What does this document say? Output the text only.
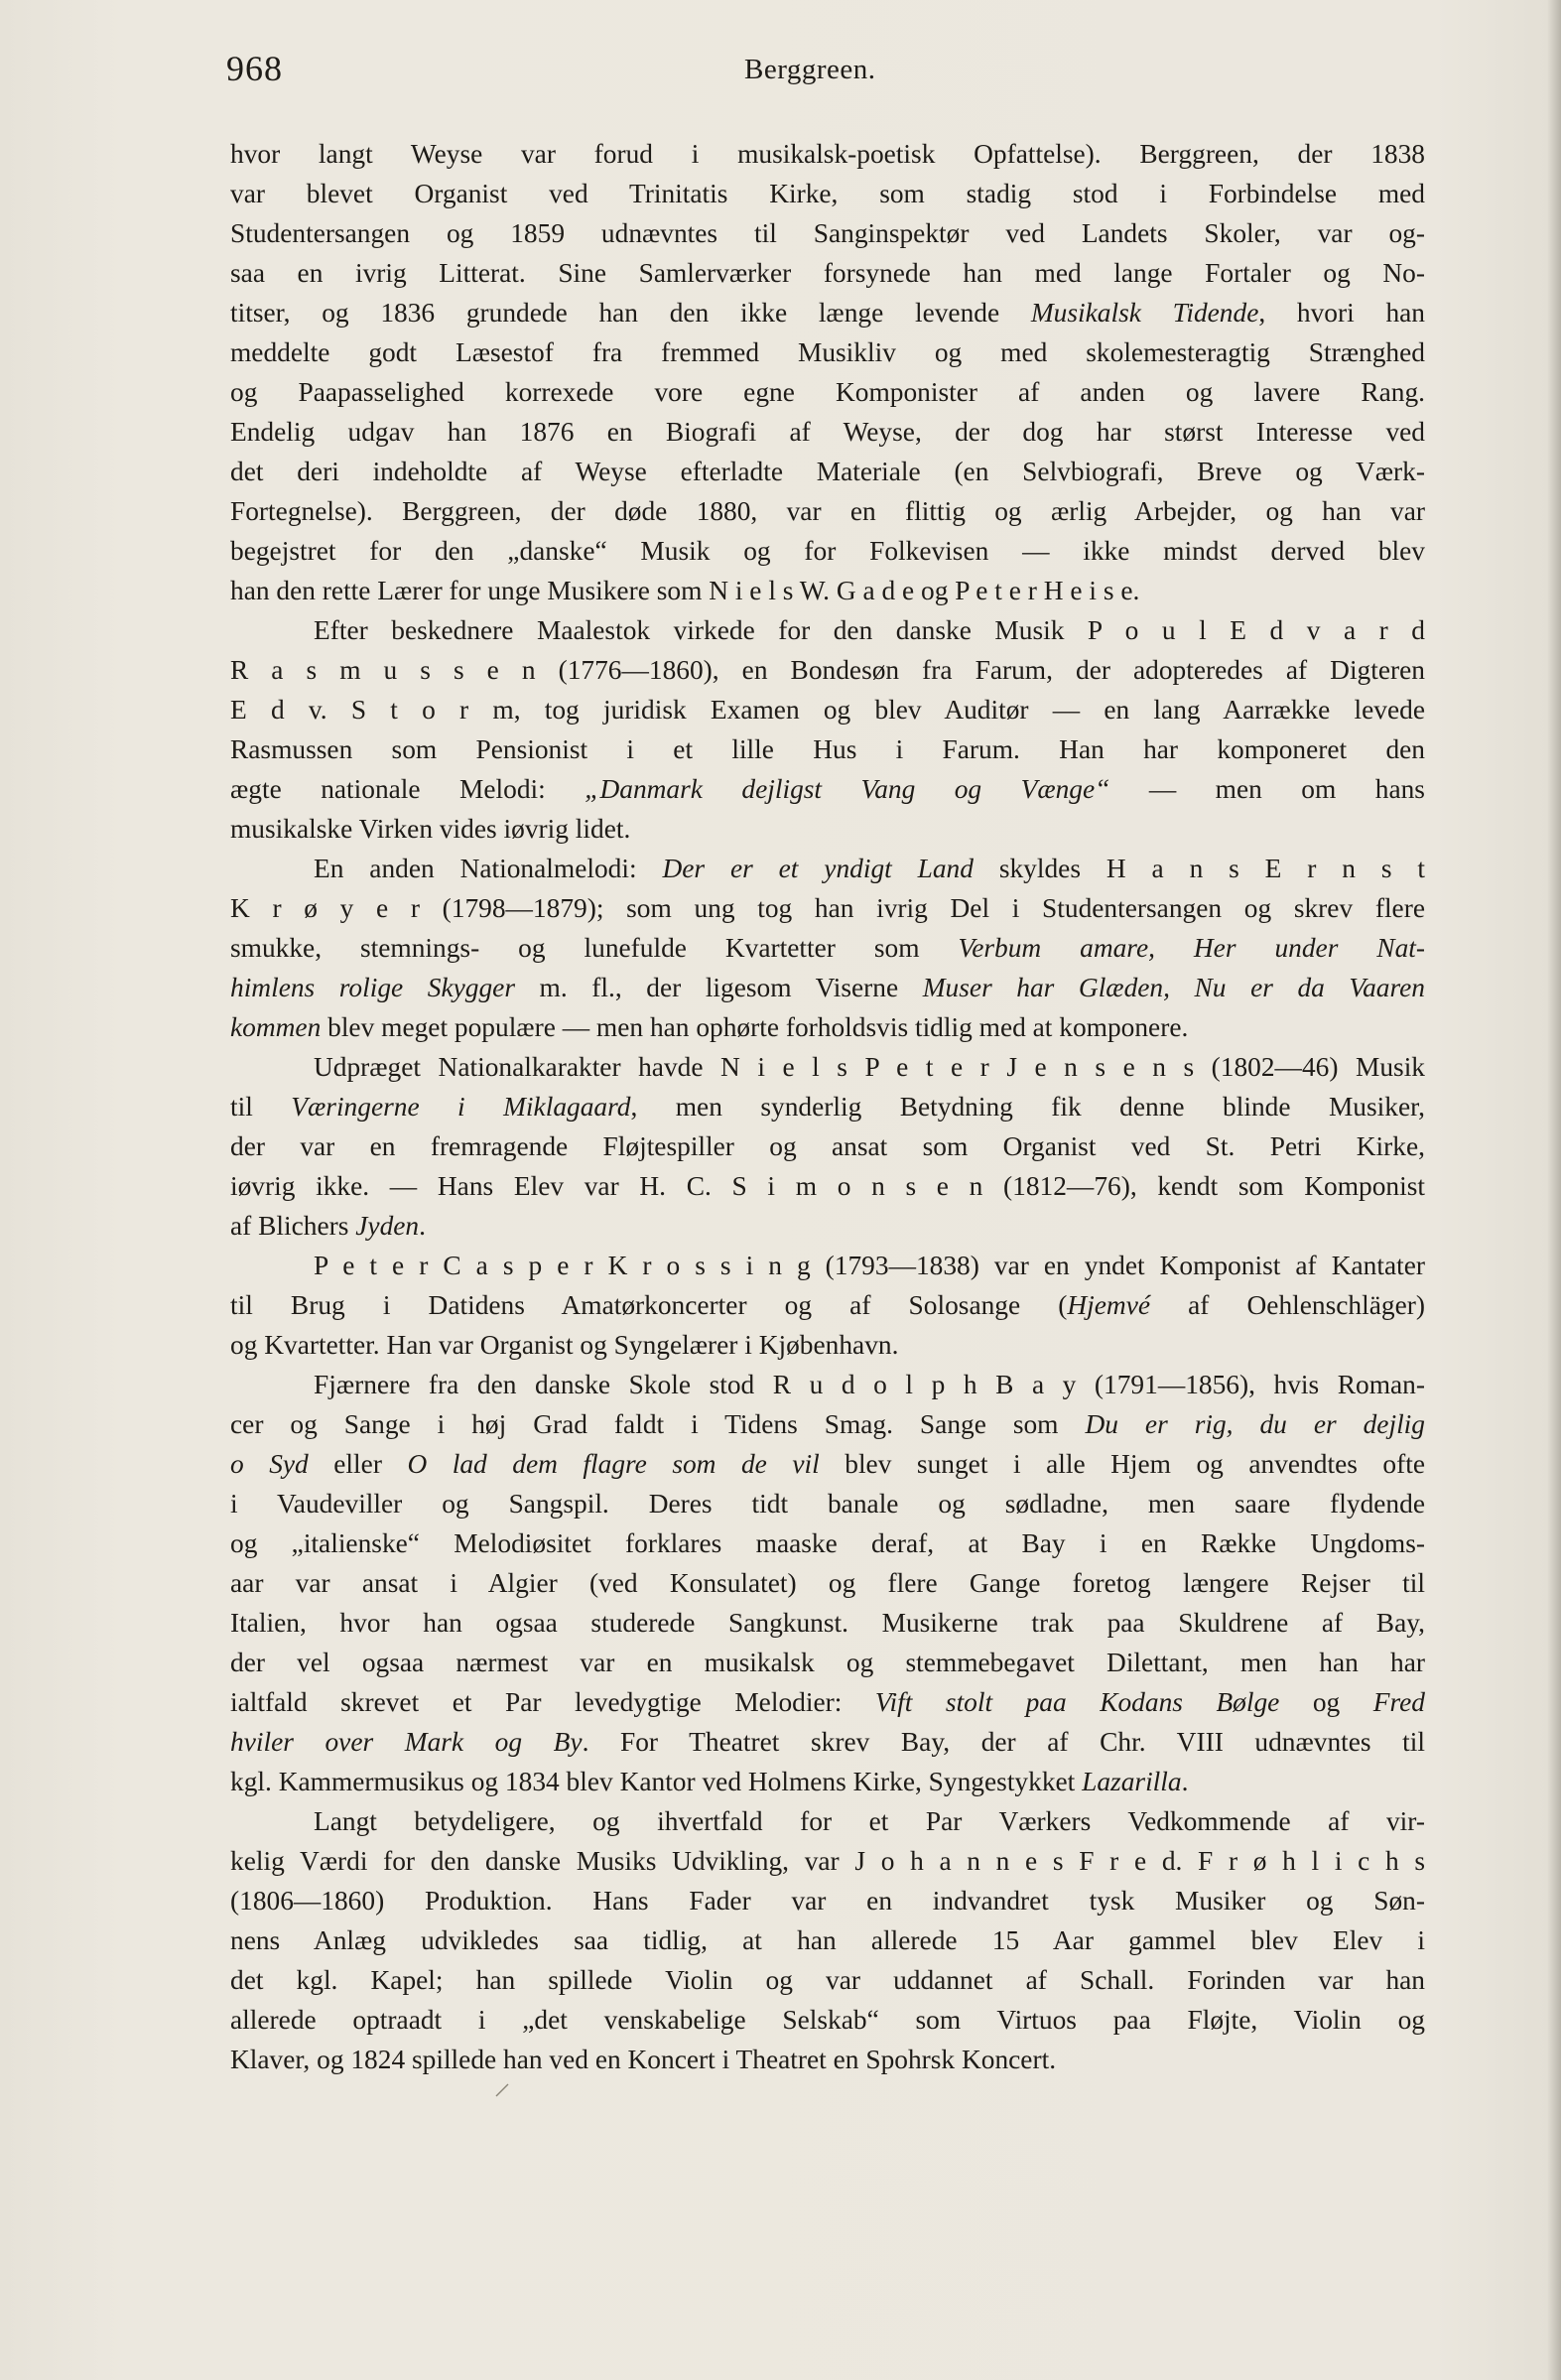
968	Berggreen.
hvor langt Weyse var forud i musikalsk-poetisk Opfattelse). Berggreen, der 1838
var blevet Organist ved Trinitatis Kirke, som stadig stod i Forbindelse med
Studentersangen og 1859 udnævntes til Sanginspektør ved Landets Skoler, var og-
saa en ivrig Litterat. Sine Samlerværker forsynede han med lange Fortaler og No-
titser, og 1836 grundede han den ikke længe levende Musikalsk Tidende, hvori han
meddelte godt Læsestof fra fremmed Musikliv og med skolemesteragtig Strænghed
og Paapasselighed korrexede vore egne Komponister af anden og lavere Rang.
Endelig udgav han 1876 en Biografi af Weyse, der dog har størst Interesse ved
det deri indeholdte af Weyse efterladte Materiale (en Selvbiografi, Breve og Værk-
Fortegnelse). Berggreen, der døde 1880, var en flittig og ærlig Arbejder, og han var
begejstret for den „danske“ Musik og for Folkevisen — ikke mindst derved blev
han den rette Lærer for unge Musikere som N i e l s W. G a d e og P e t e r H e i s e.
Efter beskednere Maalestok virkede for den danske Musik P o u l E d v a r d
R a s m u s s e n (1776—1860), en Bondesøn fra Farum, der adopteredes af Digteren
E d v. S t o r m, tog juridisk Examen og blev Auditør — en lang Aarrække levede
Rasmussen som Pensionist i et lille Hus i Farum. Han har komponeret den
ægte nationale Melodi: „Danmark dejligst Vang og Vænge“ — men om hans
musikalske Virken vides iøvrig lidet.
En anden Nationalmelodi: Der er et yndigt Land skyldes H a n s E r n s t
K r ø y e r (1798—1879); som ung tog han ivrig Del i Studentersangen og skrev flere
smukke, stemnings- og lunefulde Kvartetter som Verbum amare, Her under Nat-
himlens rolige Skygger m. fl., der ligesom Viserne Muser har Glæden, Nu er da Vaaren
kommen blev meget populære — men han ophørte forholdsvis tidlig med at komponere.
Udpræget Nationalkarakter havde N i e l s P e t e r J e n s e n s (1802—46) Musik
til Væringerne i Miklagaard, men synderlig Betydning fik denne blinde Musiker,
der var en fremragende Fløjtespiller og ansat som Organist ved St. Petri Kirke,
iøvrig ikke. — Hans Elev var H. C. S i m o n s e n (1812—76), kendt som Komponist
af Blichers Jyden.
P e t e r C a s p e r K r o s s i n g (1793—1838) var en yndet Komponist af Kantater
til Brug i Datidens Amatørkoncerter og af Solosange (Hjemvé af Oehlenschläger)
og Kvartetter. Han var Organist og Syngelærer i Kjøbenhavn.
Fjærnere fra den danske Skole stod R u d o l p h B a y (1791—1856), hvis Roman-
cer og Sange i høj Grad faldt i Tidens Smag. Sange som Du er rig, du er dejlig
o Syd eller O lad dem flagre som de vil blev sunget i alle Hjem og anvendtes ofte
i Vaudeviller og Sangspil. Deres tidt banale og sødladne, men saare flydende
og „italienske“ Melodiøsitet forklares maaske deraf, at Bay i en Række Ungdoms-
aar var ansat i Algier (ved Konsulatet) og flere Gange foretog længere Rejser til
Italien, hvor han ogsaa studerede Sangkunst. Musikerne trak paa Skuldrene af Bay,
der vel ogsaa nærmest var en musikalsk og stemmebegavet Dilettant, men han har
ialtfald skrevet et Par levedygtige Melodier: Vift stolt paa Kodans Bølge og Fred
hviler over Mark og By. For Theatret skrev Bay, der af Chr. VIII udnævntes til
kgl. Kammermusikus og 1834 blev Kantor ved Holmens Kirke, Syngestykket Lazarilla.
Langt betydeligere, og ihvertfald for et Par Værkers Vedkommende af vir-
kelig Værdi for den danske Musiks Udvikling, var J o h a n n e s F r e d. F r ø h l i c h s
(1806—1860) Produktion. Hans Fader var en indvandret tysk Musiker og Søn-
nens Anlæg udvikledes saa tidlig, at han allerede 15 Aar gammel blev Elev i
det kgl. Kapel; han spillede Violin og var uddannet af Schall. Forinden var han
allerede optraadt i „det venskabelige Selskab“ som Virtuos paa Fløjte, Violin og
Klaver, og 1824 spillede han ved en Koncert i Theatret en Spohrsk Koncert.
